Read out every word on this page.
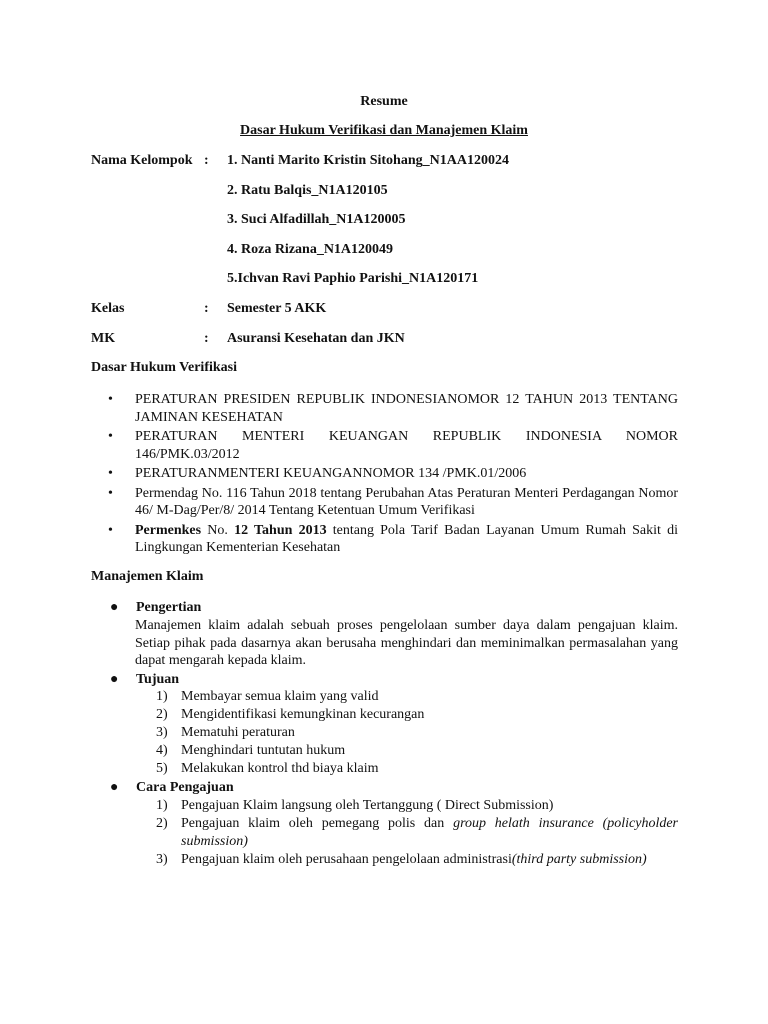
Resume
Dasar Hukum Verifikasi dan Manajemen Klaim
Nama Kelompok : 1. Nanti Marito Kristin Sitohang_N1AA120024
2. Ratu Balqis_N1A120105
3. Suci Alfadillah_N1A120005
4. Roza Rizana_N1A120049
5.Ichvan Ravi Paphio Parishi_N1A120171
Kelas	: Semester 5 AKK
MK	: Asuransi Kesehatan dan JKN
Dasar Hukum Verifikasi
• PERATURAN PRESIDEN REPUBLIK INDONESIANOMOR 12 TAHUN 2013 TENTANG JAMINAN KESEHATAN
• PERATURAN MENTERI KEUANGAN REPUBLIK INDONESIA NOMOR 146/PMK.03/2012
• PERATURANMENTERI KEUANGANNOMOR 134 /PMK.01/2006
• Permendag No. 116 Tahun 2018 tentang Perubahan Atas Peraturan Menteri Perdagangan Nomor 46/ M-Dag/Per/8/ 2014 Tentang Ketentuan Umum Verifikasi
• Permenkes No. 12 Tahun 2013 tentang Pola Tarif Badan Layanan Umum Rumah Sakit di Lingkungan Kementerian Kesehatan
Manajemen Klaim
● Pengertian
Manajemen klaim adalah sebuah proses pengelolaan sumber daya dalam pengajuan klaim. Setiap pihak pada dasarnya akan berusaha menghindari dan meminimalkan permasalahan yang dapat mengarah kepada klaim.
● Tujuan
1) Membayar semua klaim yang valid
2) Mengidentifikasi kemungkinan kecurangan
3) Mematuhi peraturan
4) Menghindari tuntutan hukum
5) Melakukan kontrol thd biaya klaim
● Cara Pengajuan
1) Pengajuan Klaim langsung oleh Tertanggung ( Direct Submission)
2) Pengajuan klaim oleh pemegang polis dan group helath insurance (policyholder submission)
3) Pengajuan klaim oleh perusahaan pengelolaan administrasi(third party submission)
